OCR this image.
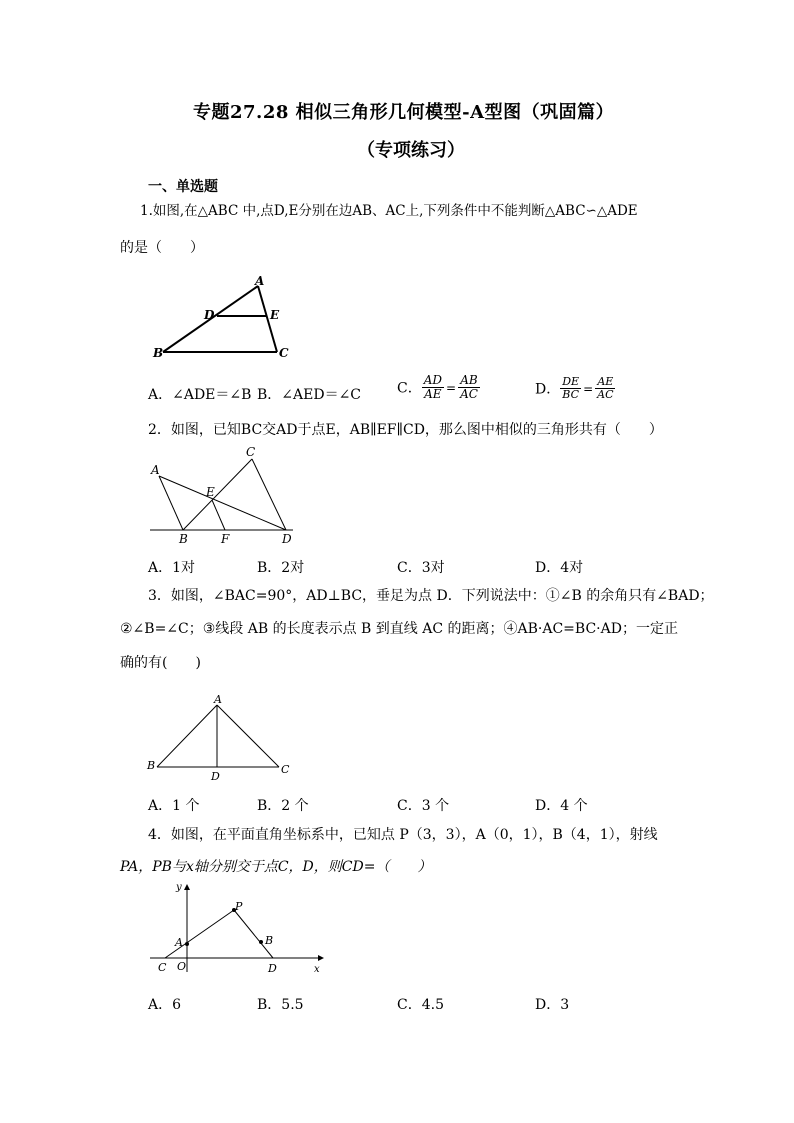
专题27.28 相似三角形几何模型-A型图（巩固篇）
（专项练习）
一、单选题
1.如图,在△ABC 中,点D,E分别在边AB、AC上,下列条件中不能判断△ABC∽△ADE
的是（　　）
A
D	E
B	C
A．∠ADE＝∠B B．∠AED＝∠C	C． $\frac{AD}{AE} = \frac{AB}{AC}$	D． $\frac{DE}{BC} = \frac{AE}{AC}$
2．如图，已知BC交AD于点E，AB∥EF∥CD，那么图中相似的三角形共有（　　）
A
C
E
B	F	D
A．1对	B．2对	C．3对	D．4对
3．如图，∠BAC=90°，AD⊥BC，垂足为点 D．下列说法中：①∠B 的余角只有∠BAD；
②∠B=∠C；③线段 AB 的长度表示点 B 到直线 AC 的距离；④AB·AC=BC·AD；一定正
确的有(　　)
A
B
D
C
A．1 个	B．2 个	C．3 个	D．4 个
4．如图，在平面直角坐标系中，已知点 P（3，3），A（0，1），B（4，1），射线
PA，PB与x轴分别交于点C，D，则CD=（　　）
y
P
A	B
C O	D	x
A．6	B．5.5	C．4.5	D．3
